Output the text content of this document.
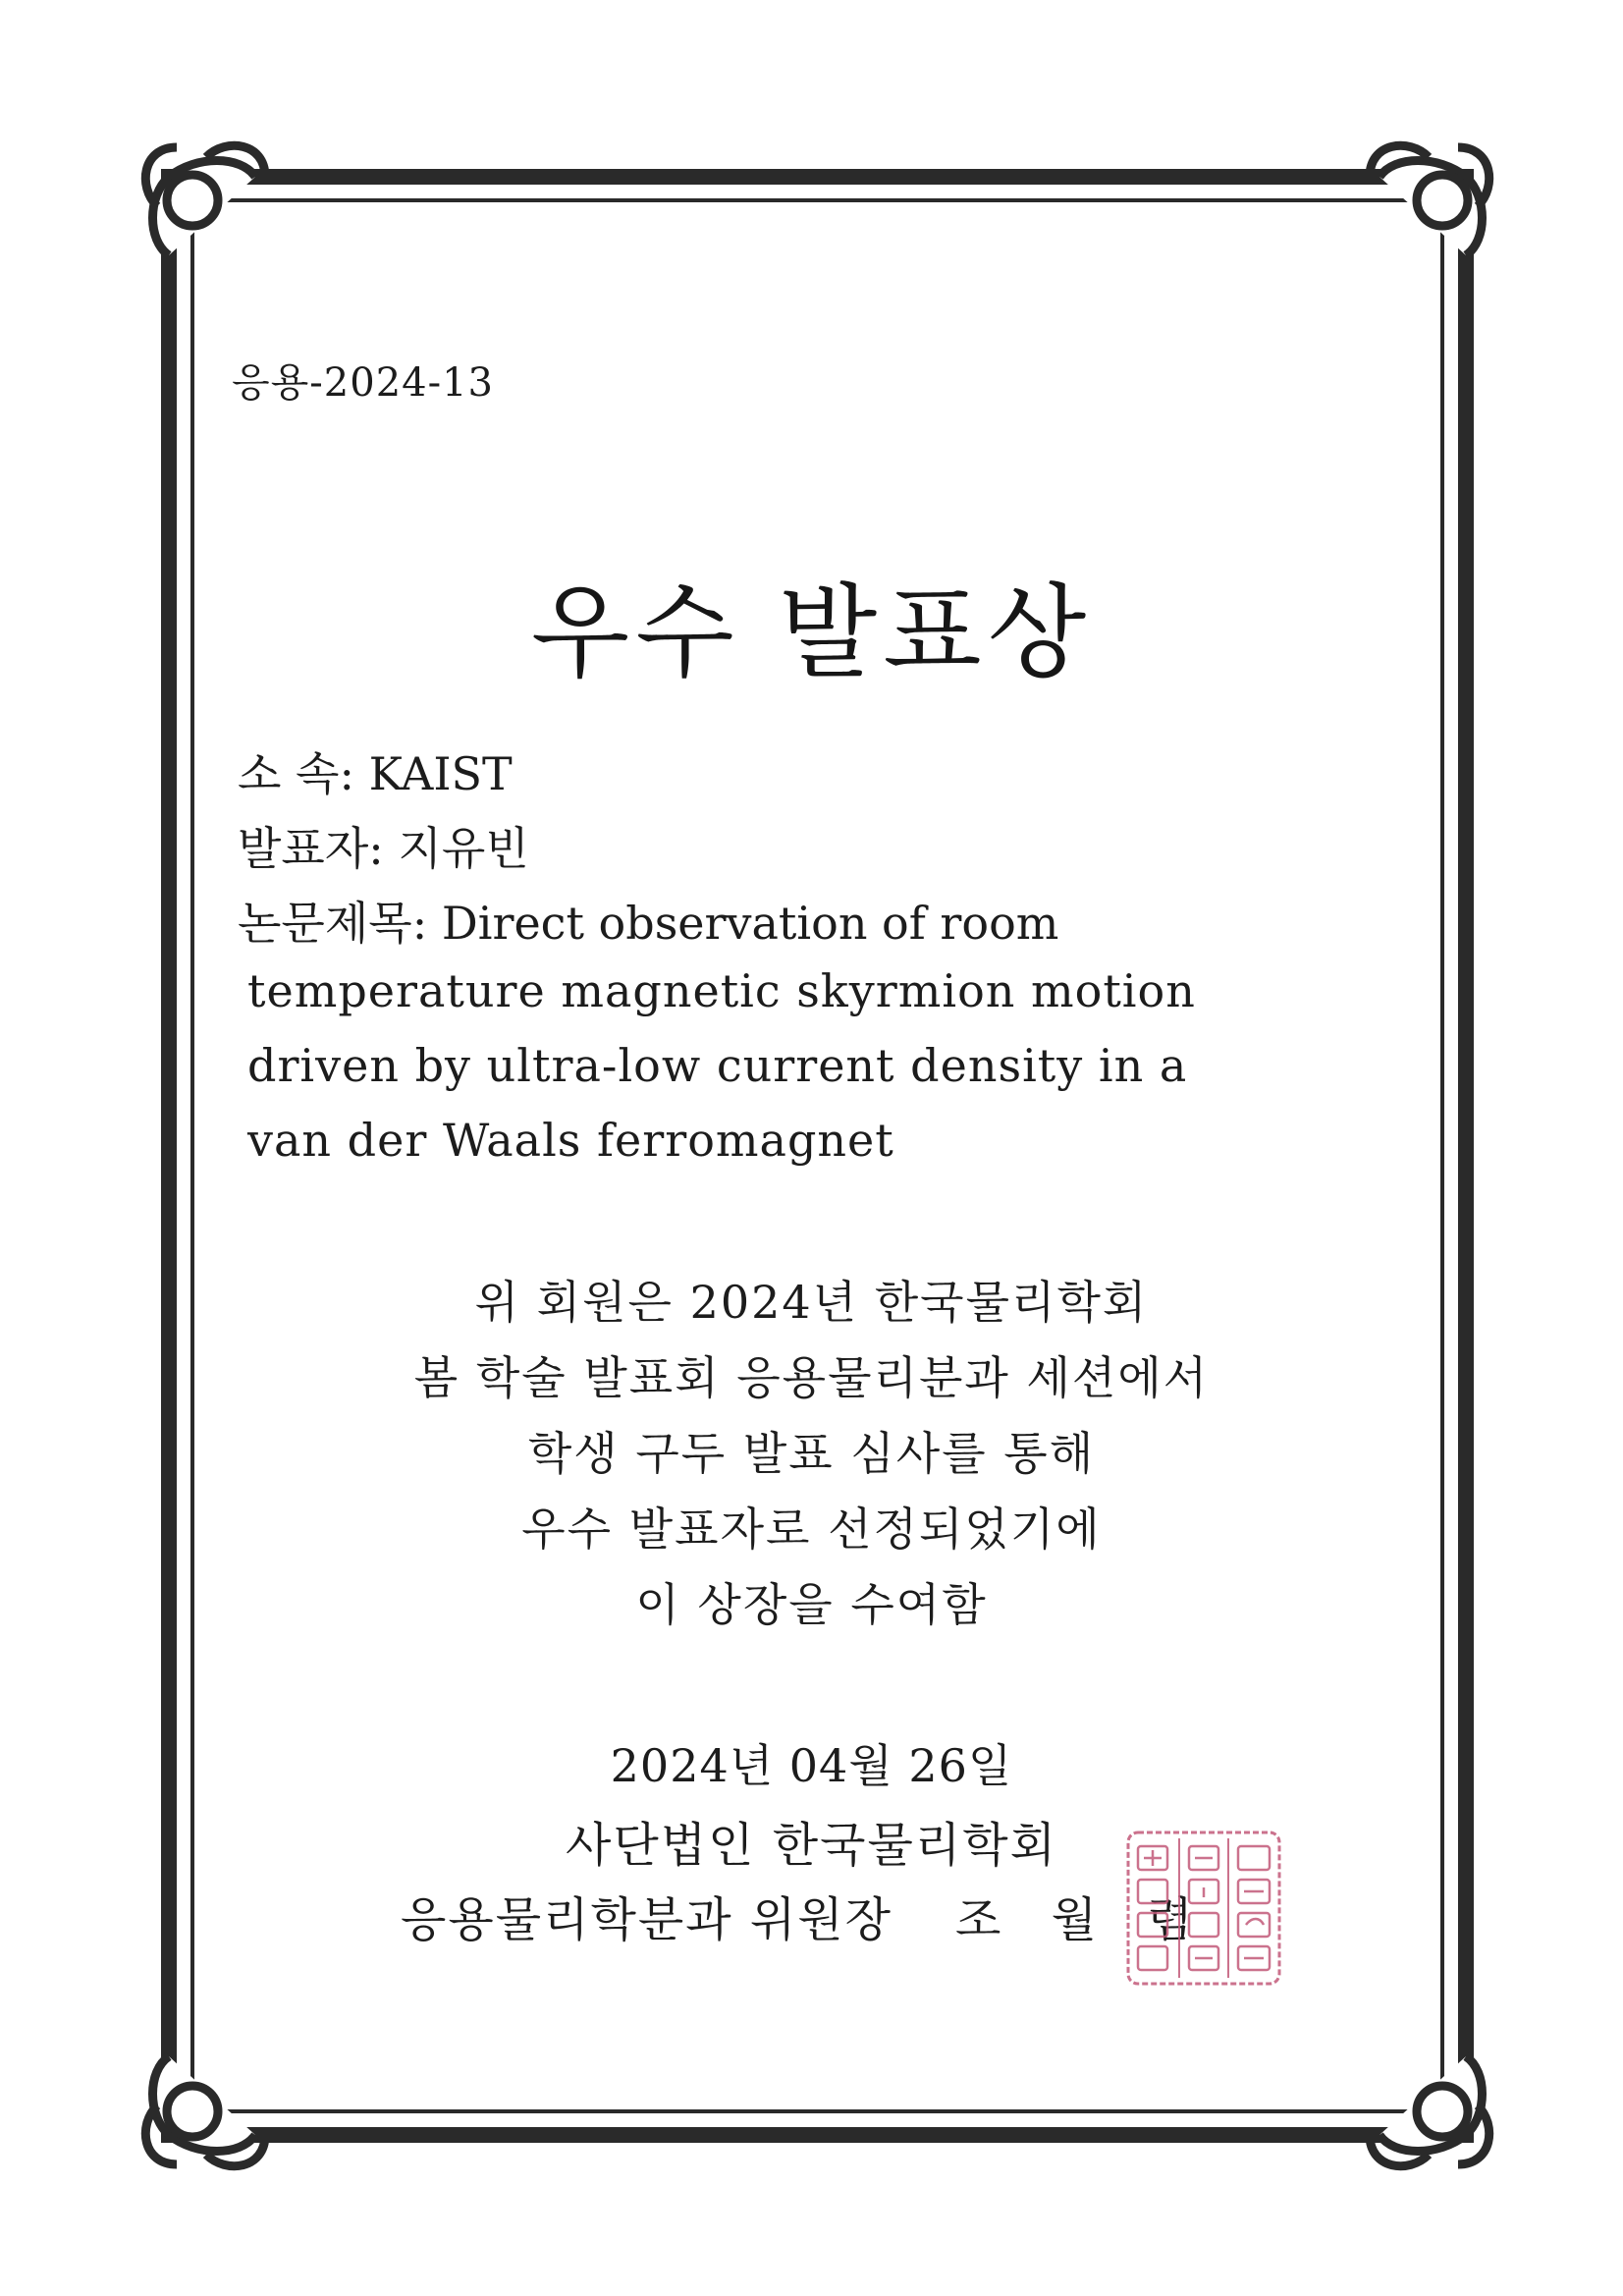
응용-2024-13
우수 발표상
소 속: KAIST
발표자: 지유빈
논문제목: Direct observation of room
temperature magnetic skyrmion motion
driven by ultra-low current density in a
van der Waals ferromagnet
위 회원은 2024년 한국물리학회
봄 학술 발표회 응용물리분과 세션에서
학생 구두 발표 심사를 통해
우수 발표자로 선정되었기에
이 상장을 수여함
2024년 04월 26일
사단법인 한국물리학회
응용물리학분과 위원장 조 월 렴
